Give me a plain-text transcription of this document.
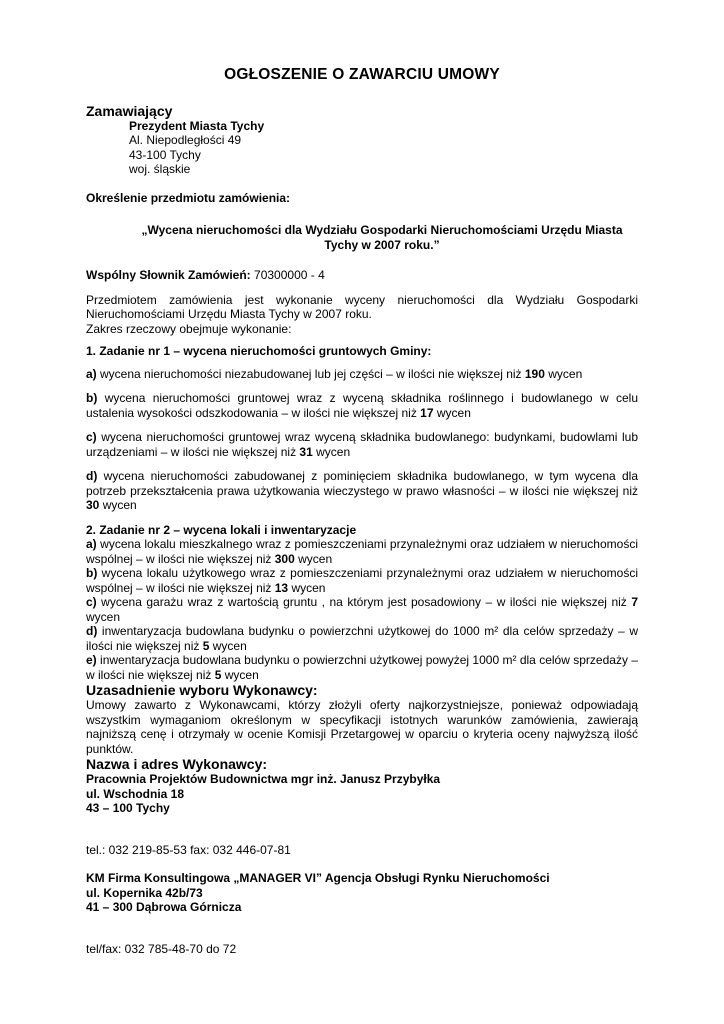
OGŁOSZENIE O ZAWARCIU UMOWY
Zamawiający
Prezydent Miasta Tychy
Al. Niepodległości 49
43-100 Tychy
woj. śląskie

Określenie przedmiotu zamówienia:

„Wycena nieruchomości dla Wydziału Gospodarki Nieruchomościami Urzędu Miasta
Tychy w 2007 roku.”

Wspólny Słownik Zamówień: 70300000 - 4

Przedmiotem zamówienia jest wykonanie wyceny nieruchomości dla Wydziału Gospodarki Nieruchomościami Urzędu Miasta Tychy w 2007 roku.

Zakres rzeczowy obejmuje wykonanie:

1. Zadanie nr 1 – wycena nieruchomości gruntowych Gminy:

a) wycena nieruchomości niezabudowanej lub jej części – w ilości nie większej niż 190 wycen

b) wycena nieruchomości gruntowej wraz z wyceną składnika roślinnego i budowlanego w celu ustalenia wysokości odszkodowania – w ilości nie większej niż 17 wycen

c) wycena nieruchomości gruntowej wraz wyceną składnika budowlanego: budynkami, budowlami lub urządzeniami – w ilości nie większej niż 31 wycen

d) wycena nieruchomości zabudowanej z pominięciem składnika budowlanego, w tym wycena dla potrzeb przekształcenia prawa użytkowania wieczystego w prawo własności – w ilości nie większej niż 30 wycen

2. Zadanie nr 2 – wycena lokali i inwentaryzacje

a) wycena lokalu mieszkalnego wraz z pomieszczeniami przynależnymi oraz udziałem w nieruchomości wspólnej – w ilości nie większej niż 300 wycen

b) wycena lokalu użytkowego wraz z pomieszczeniami przynależnymi oraz udziałem w nieruchomości wspólnej – w ilości nie większej niż 13 wycen

c) wycena garażu wraz z wartością gruntu , na którym jest posadowiony – w ilości nie większej niż 7 wycen

d) inwentaryzacja budowlana budynku o powierzchni użytkowej do 1000 m² dla celów sprzedaży – w ilości nie większej niż 5 wycen

e) inwentaryzacja budowlana budynku o powierzchni użytkowej powyżej 1000 m² dla celów sprzedaży – w ilości nie większej niż 5 wycen

Uzasadnienie wyboru Wykonawcy:

Umowy zawarto z Wykonawcami, którzy złożyli oferty najkorzystniejsze, ponieważ odpowiadają wszystkim wymaganiom określonym w specyfikacji istotnych warunków zamówienia, zawierają najniższą cenę i otrzymały w ocenie Komisji Przetargowej w oparciu o kryteria oceny najwyższą ilość punktów.

Nazwa i adres Wykonawcy:

Pracownia Projektów Budownictwa mgr inż. Janusz Przybyłka
ul. Wschodnia 18
43 – 100 Tychy

tel.: 032 219-85-53 fax: 032 446-07-81

KM Firma Konsultingowa „MANAGER VI” Agencja Obsługi Rynku Nieruchomości
ul. Kopernika 42b/73
41 – 300 Dąbrowa Górnicza

tel/fax: 032 785-48-70 do 72
